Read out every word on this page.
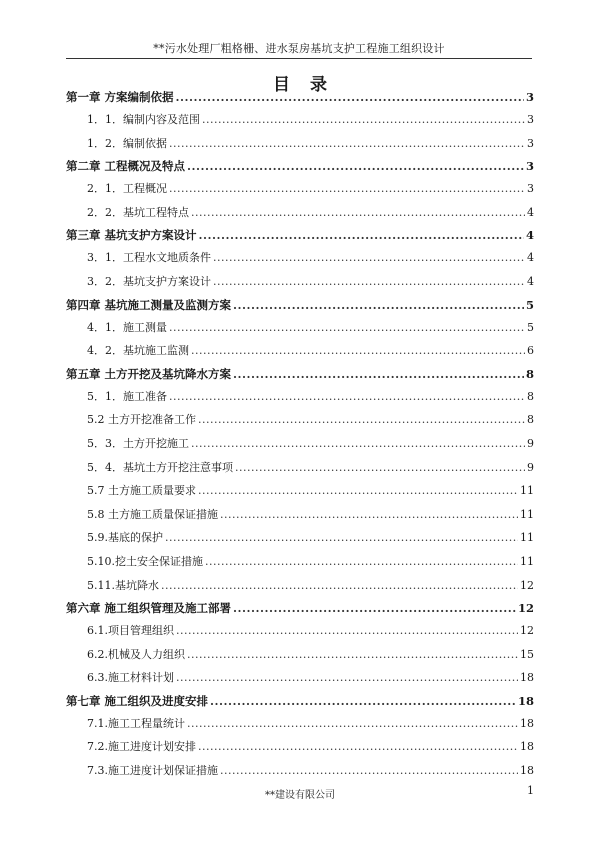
**污水处理厂粗格栅、进水泵房基坑支护工程施工组织设计
目录
第一章 方案编制依据 .....	3
1．1．编制内容及范围 .....	3
1．2．编制依据 .....	3
第二章 工程概况及特点 .....	3
2．1．工程概况 .....	3
2．2．基坑工程特点 .....	4
第三章 基坑支护方案设计 .....	4
3．1．工程水文地质条件 .....	4
3．2．基坑支护方案设计 .....	4
第四章 基坑施工测量及监测方案 .....	5
4．1．施工测量 .....	5
4．2．基坑施工监测 .....	6
第五章 土方开挖及基坑降水方案 .....	8
5．1．施工准备 .....	8
5.2 土方开挖准备工作 .....	8
5．3．土方开挖施工 .....	9
5．4．基坑土方开挖注意事项 .....	9
5.7 土方施工质量要求 .....	11
5.8 土方施工质量保证措施 .....	11
5.9.基底的保护 .....	11
5.10.挖土安全保证措施 .....	11
5.11.基坑降水 .....	12
第六章 施工组织管理及施工部署 .....	12
6.1.项目管理组织 .....	12
6.2.机械及人力组织 .....	15
6.3.施工材料计划 .....	18
第七章 施工组织及进度安排 .....	18
7.1.施工工程量统计 .....	18
7.2.施工进度计划安排 .....	18
7.3.施工进度计划保证措施 .....	18
**建设有限公司	1
